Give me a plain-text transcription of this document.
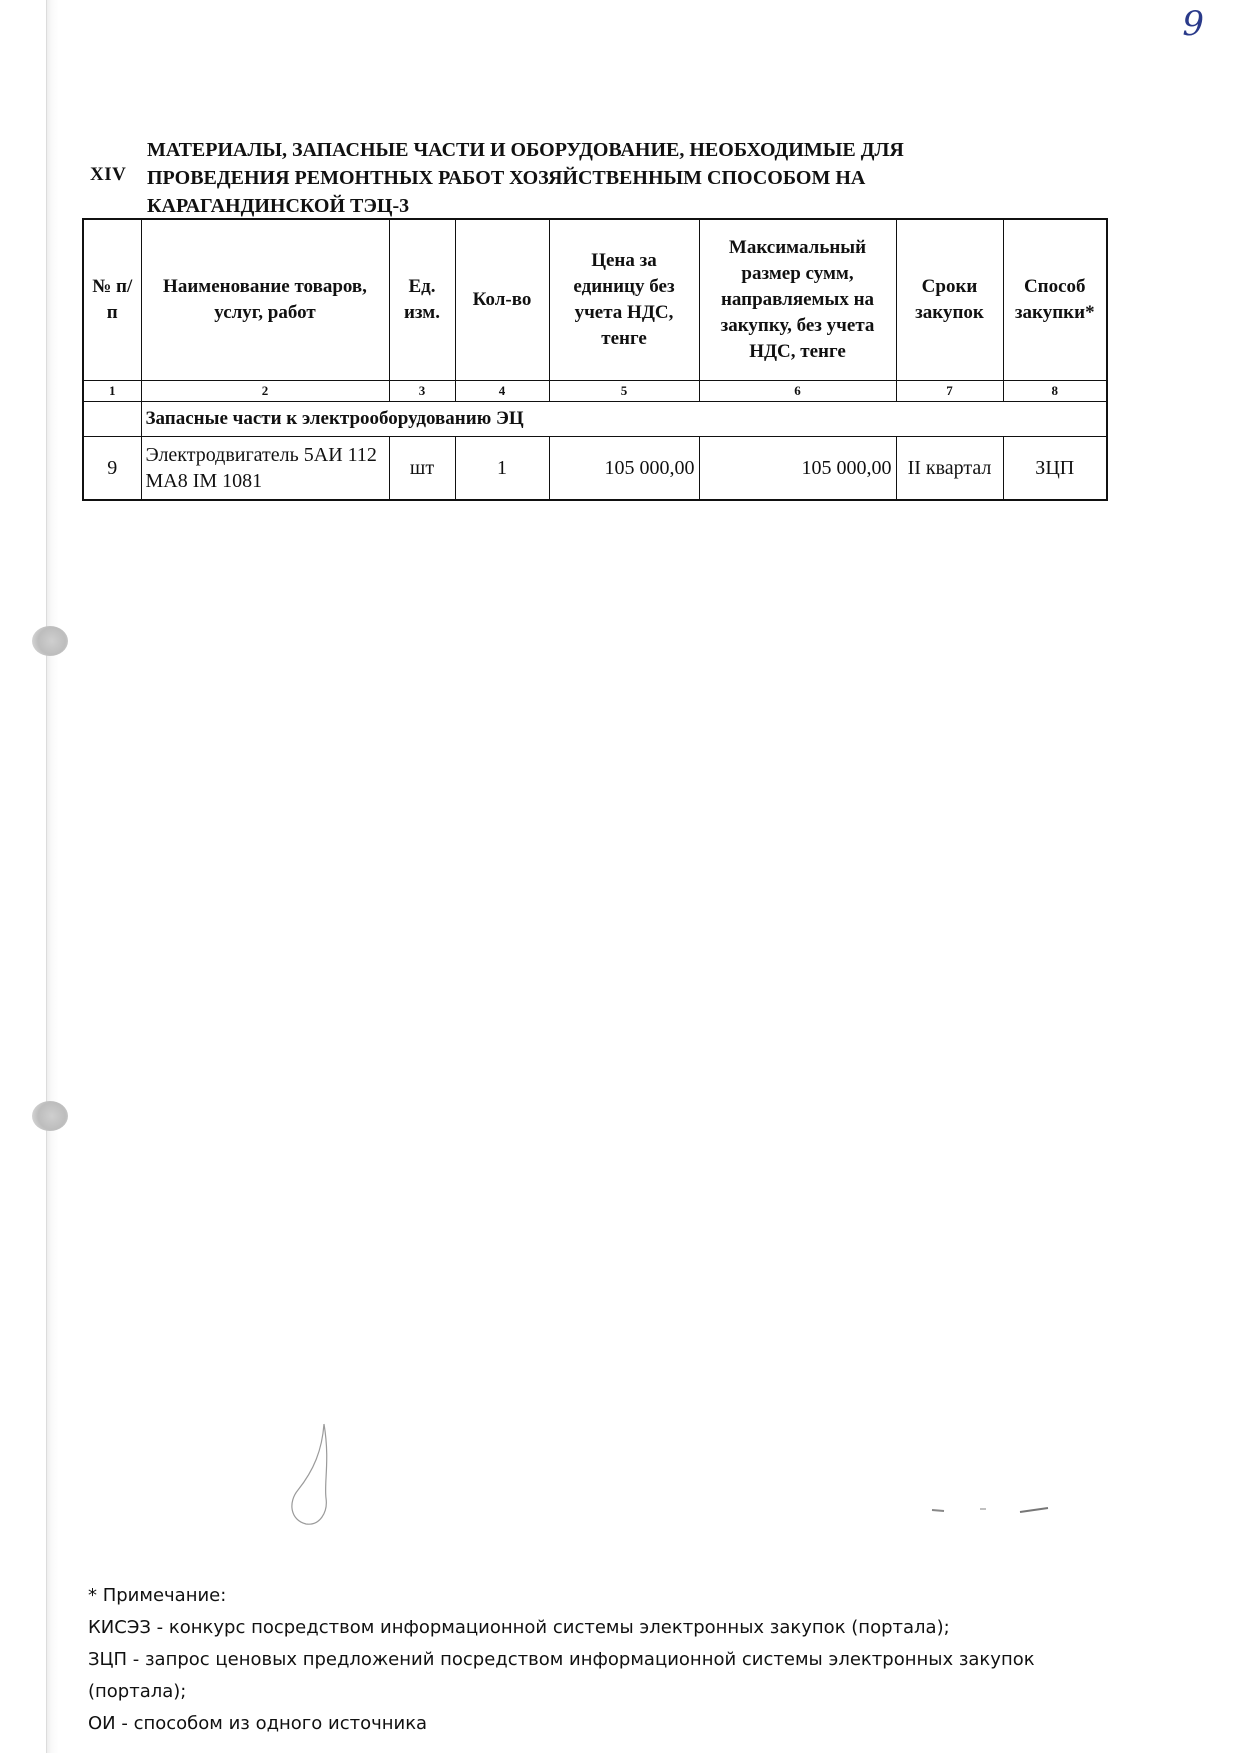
9
XIV
МАТЕРИАЛЫ, ЗАПАСНЫЕ ЧАСТИ И ОБОРУДОВАНИЕ, НЕОБХОДИМЫЕ ДЛЯ
ПРОВЕДЕНИЯ РЕМОНТНЫХ РАБОТ ХОЗЯЙСТВЕННЫМ СПОСОБОМ НА
КАРАГАНДИНСКОЙ ТЭЦ-3
№ п/п	Наименование товаров, услуг, работ	Ед. изм.	Кол-во	Цена за единицу без учета НДС, тенге	Максимальный размер сумм, направляемых на закупку, без учета НДС, тенге	Сроки закупок	Способ закупки*
1	2	3	4	5	6	7	8
	Запасные части к электрооборудованию ЭЦ						
9	Электродвигатель 5АИ 112 МА8 IM 1081	шт	1	105 000,00	105 000,00	II квартал	ЗЦП
* Примечание:
КИСЭЗ - конкурс посредством информационной системы электронных закупок (портала);
ЗЦП - запрос ценовых предложений посредством информационной системы электронных закупок
(портала);
ОИ - способом из одного источника
